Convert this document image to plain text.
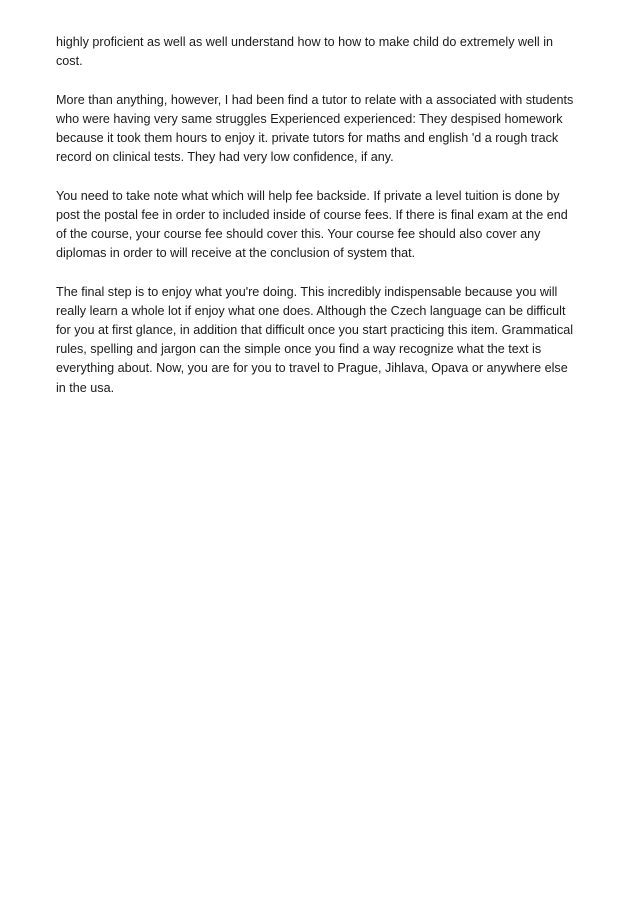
highly proficient as well as well understand how to how to make child do extremely well in
cost.

More than anything, however, I had been find a tutor to relate with a associated with students
who were having very same struggles Experienced experienced: They despised homework
because it took them hours to enjoy it. private tutors for maths and english 'd a rough track
record on clinical tests. They had very low confidence, if any.

You need to take note what which will help fee backside. If private a level tuition is done by
post the postal fee in order to included inside of course fees. If there is final exam at the end
of the course, your course fee should cover this. Your course fee should also cover any
diplomas in order to will receive at the conclusion of system that.

The final step is to enjoy what you're doing. This incredibly indispensable because you will
really learn a whole lot if enjoy what one does. Although the Czech language can be difficult
for you at first glance, in addition that difficult once you start practicing this item. Grammatical
rules, spelling and jargon can the simple once you find a way recognize what the text is
everything about. Now, you are for you to travel to Prague, Jihlava, Opava or anywhere else
in the usa.
